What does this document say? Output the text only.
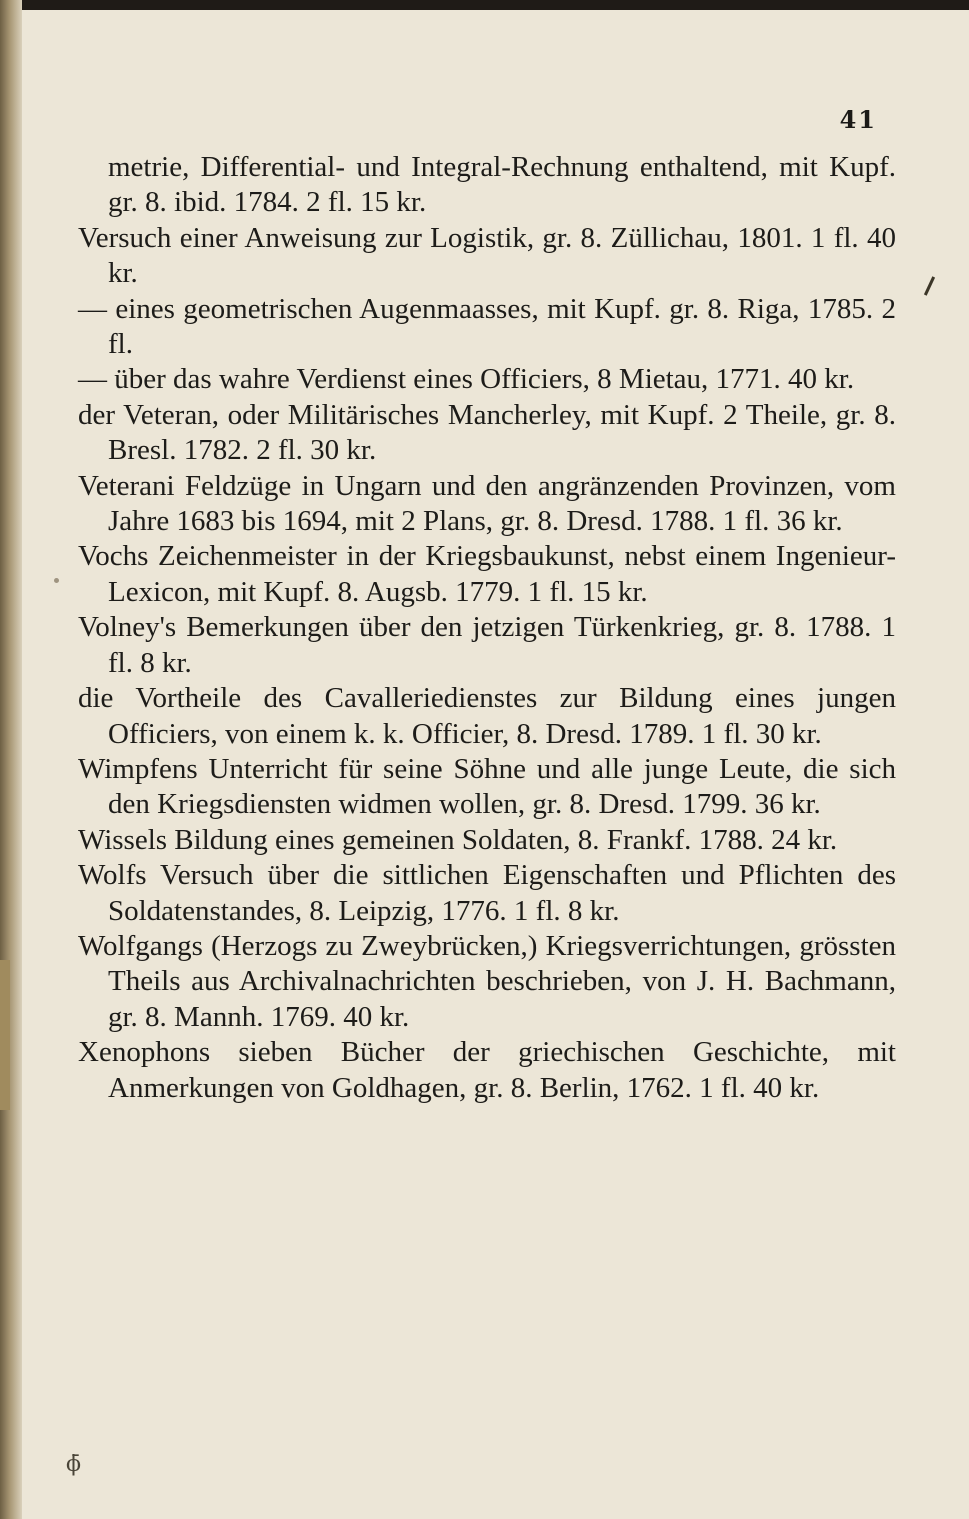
41

metrie, Differential- und Integral-Rechnung enthaltend, mit Kupf. gr. 8. ibid. 1784. 2 fl. 15 kr.

Versuch einer Anweisung zur Logistik, gr. 8. Züllichau, 1801. 1 fl. 40 kr.

— eines geometrischen Augenmaasses, mit Kupf. gr. 8. Riga, 1785. 2 fl.

— über das wahre Verdienst eines Officiers, 8 Mietau, 1771. 40 kr.

der Veteran, oder Militärisches Mancherley, mit Kupf. 2 Theile, gr. 8. Bresl. 1782. 2 fl. 30 kr.

Veterani Feldzüge in Ungarn und den angränzenden Provinzen, vom Jahre 1683 bis 1694, mit 2 Plans, gr. 8. Dresd. 1788. 1 fl. 36 kr.

Vochs Zeichenmeister in der Kriegsbaukunst, nebst einem Ingenieur-Lexicon, mit Kupf. 8. Augsb. 1779. 1 fl. 15 kr.

Volney's Bemerkungen über den jetzigen Türkenkrieg, gr. 8. 1788. 1 fl. 8 kr.

die Vortheile des Cavalleriedienstes zur Bildung eines jungen Officiers, von einem k. k. Officier, 8. Dresd. 1789. 1 fl. 30 kr.

Wimpfens Unterricht für seine Söhne und alle junge Leute, die sich den Kriegsdiensten widmen wollen, gr. 8. Dresd. 1799. 36 kr.

Wissels Bildung eines gemeinen Soldaten, 8. Frankf. 1788. 24 kr.

Wolfs Versuch über die sittlichen Eigenschaften und Pflichten des Soldatenstandes, 8. Leipzig, 1776. 1 fl. 8 kr.

Wolfgangs (Herzogs zu Zweybrücken,) Kriegsverrichtungen, grössten Theils aus Archivalnachrichten beschrieben, von J. H. Bachmann, gr. 8. Mannh. 1769. 40 kr.

Xenophons sieben Bücher der griechischen Geschichte, mit Anmerkungen von Goldhagen, gr. 8. Berlin, 1762. 1 fl. 40 kr.

ϕ̄
